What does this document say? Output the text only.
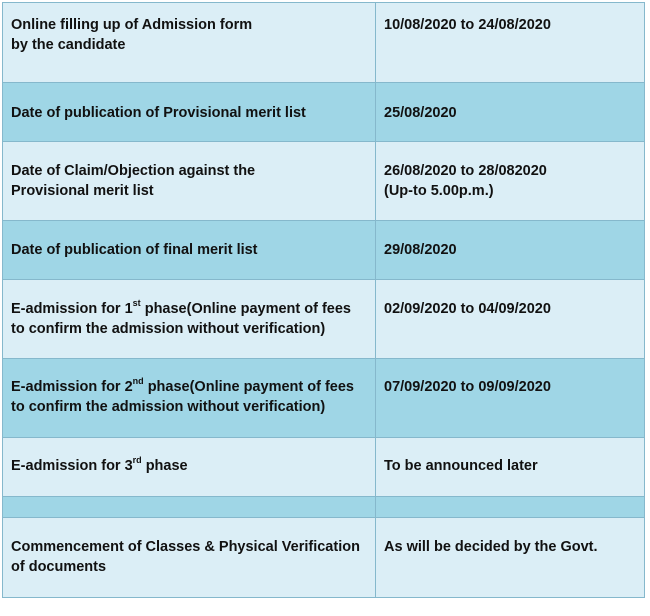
Online filling up of Admission form
by the candidate	10/08/2020 to 24/08/2020
Date of publication of Provisional merit list	25/08/2020
Date of Claim/Objection against the
Provisional merit list	26/08/2020 to 28/082020
(Up-to 5.00p.m.)
Date of publication of final merit list	29/08/2020
E-admission for 1st phase(Online payment of fees
to confirm the admission without verification)	02/09/2020 to 04/09/2020
E-admission for 2nd phase(Online payment of fees
to confirm the admission without verification)	07/09/2020 to 09/09/2020
E-admission for 3rd phase	To be announced later

Commencement of Classes & Physical Verification
of documents	As will be decided by the Govt.
